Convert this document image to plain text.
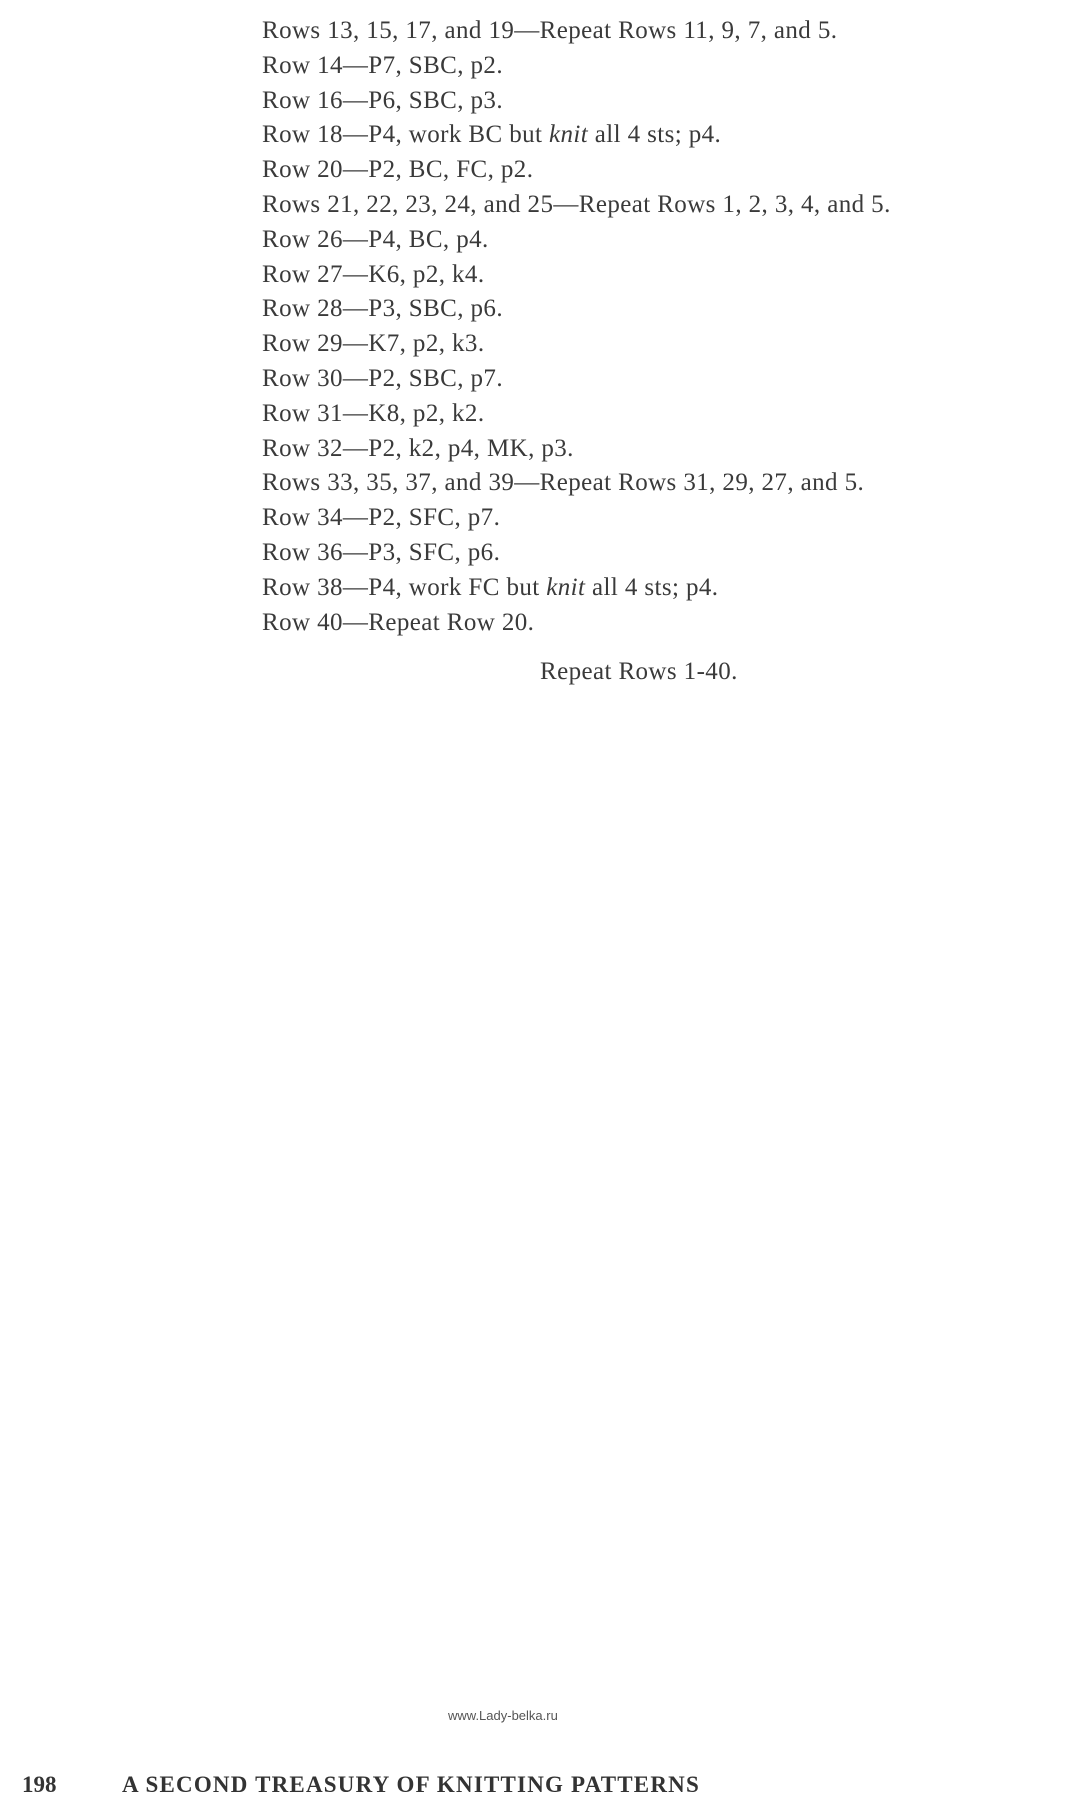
Rows 13, 15, 17, and 19—Repeat Rows 11, 9, 7, and 5.
Row 14—P7, SBC, p2.
Row 16—P6, SBC, p3.
Row 18—P4, work BC but knit all 4 sts; p4.
Row 20—P2, BC, FC, p2.
Rows 21, 22, 23, 24, and 25—Repeat Rows 1, 2, 3, 4, and 5.
Row 26—P4, BC, p4.
Row 27—K6, p2, k4.
Row 28—P3, SBC, p6.
Row 29—K7, p2, k3.
Row 30—P2, SBC, p7.
Row 31—K8, p2, k2.
Row 32—P2, k2, p4, MK, p3.
Rows 33, 35, 37, and 39—Repeat Rows 31, 29, 27, and 5.
Row 34—P2, SFC, p7.
Row 36—P3, SFC, p6.
Row 38—P4, work FC but knit all 4 sts; p4.
Row 40—Repeat Row 20.
Repeat Rows 1-40.
www.Lady-belka.ru
198	A SECOND TREASURY OF KNITTING PATTERNS
